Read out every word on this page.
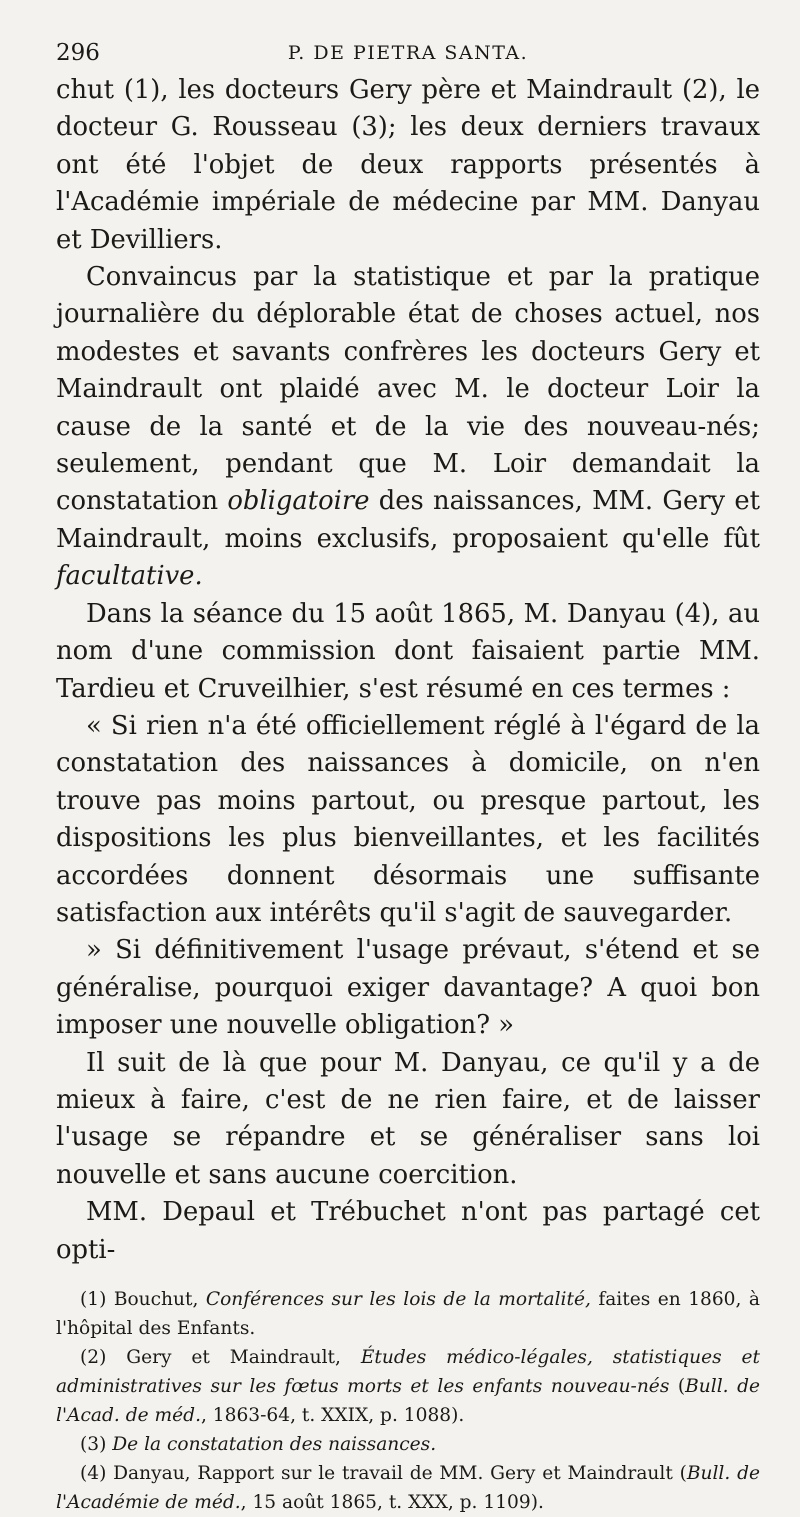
296	P. DE PIETRA SANTA.

chut (1), les docteurs Gery père et Maindrault (2), le docteur G. Rousseau (3); les deux derniers travaux ont été l'objet de deux rapports présentés à l'Académie impériale de médecine par MM. Danyau et Devilliers.

Convaincus par la statistique et par la pratique journalière du déplorable état de choses actuel, nos modestes et savants confrères les docteurs Gery et Maindrault ont plaidé avec M. le docteur Loir la cause de la santé et de la vie des nouveau-nés; seulement, pendant que M. Loir demandait la constatation obligatoire des naissances, MM. Gery et Maindrault, moins exclusifs, proposaient qu'elle fût facultative.

Dans la séance du 15 août 1865, M. Danyau (4), au nom d'une commission dont faisaient partie MM. Tardieu et Cruveilhier, s'est résumé en ces termes :

« Si rien n'a été officiellement réglé à l'égard de la constatation des naissances à domicile, on n'en trouve pas moins partout, ou presque partout, les dispositions les plus bienveillantes, et les facilités accordées donnent désormais une suffisante satisfaction aux intérêts qu'il s'agit de sauvegarder.

» Si définitivement l'usage prévaut, s'étend et se généralise, pourquoi exiger davantage? A quoi bon imposer une nouvelle obligation? »

Il suit de là que pour M. Danyau, ce qu'il y a de mieux à faire, c'est de ne rien faire, et de laisser l'usage se répandre et se généraliser sans loi nouvelle et sans aucune coercition.

MM. Depaul et Trébuchet n'ont pas partagé cet opti-

(1) Bouchut, Conférences sur les lois de la mortalité, faites en 1860, à l'hôpital des Enfants.

(2) Gery et Maindrault, Études médico-légales, statistiques et administratives sur les fœtus morts et les enfants nouveau-nés (Bull. de l'Acad. de méd., 1863-64, t. XXIX, p. 1088).

(3) De la constatation des naissances.

(4) Danyau, Rapport sur le travail de MM. Gery et Maindrault (Bull. de l'Académie de méd., 15 août 1865, t. XXX, p. 1109).
